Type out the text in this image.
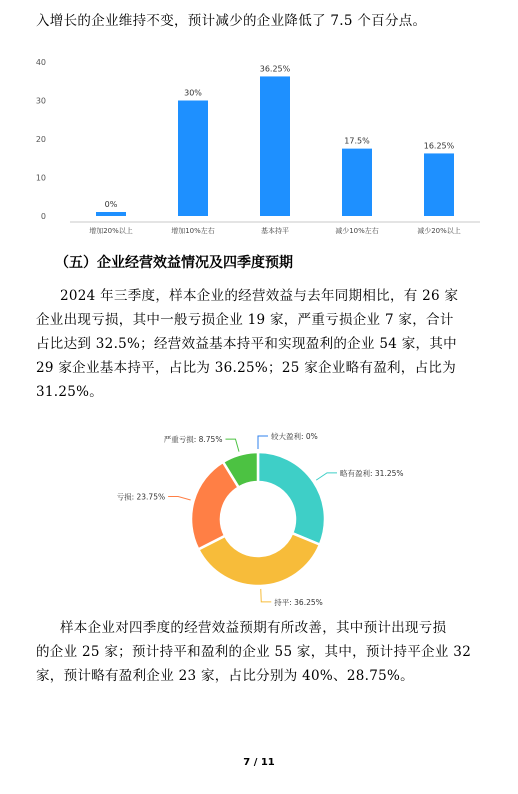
入增长的企业维持不变，预计减少的企业降低了 7.5 个百分点。
0
10
20
30
40
0%
30%
36.25%
17.5%
16.25%
增加20%以上	增加10%左右	基本持平	减少10%左右	减少20%以上
（五）企业经营效益情况及四季度预期
2024 年三季度，样本企业的经营效益与去年同期相比，有 26 家
企业出现亏损，其中一般亏损企业 19 家，严重亏损企业 7 家，合计
占比达到 32.5%；经营效益基本持平和实现盈利的企业 54 家，其中
29 家企业基本持平，占比为 36.25%；25 家企业略有盈利，占比为
31.25%。
较大盈利: 0%
略有盈利: 31.25%
持平: 36.25%
亏损: 23.75%
严重亏损: 8.75%
样本企业对四季度的经营效益预期有所改善，其中预计出现亏损
的企业 25 家；预计持平和盈利的企业 55 家，其中，预计持平企业 32
家，预计略有盈利企业 23 家，占比分别为 40%、28.75%。
7 / 11
